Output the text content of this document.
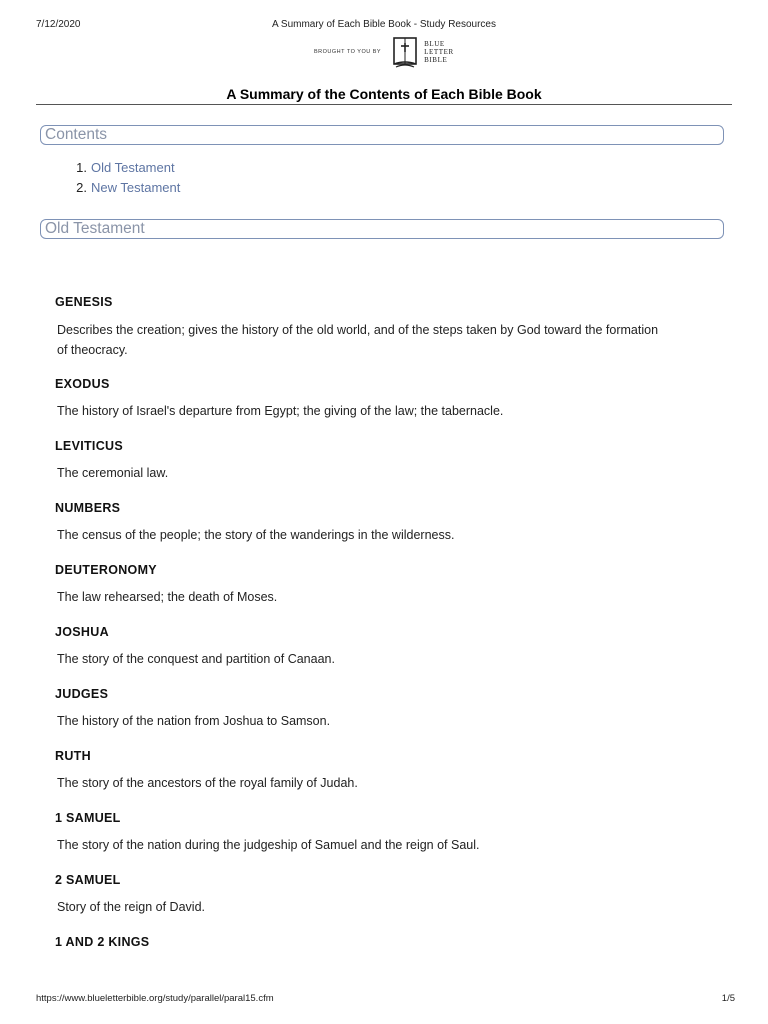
7/12/2020	A Summary of Each Bible Book - Study Resources
BROUGHT TO YOU BY
BLUE
LETTER
BIBLE
A Summary of the Contents of Each Bible Book
Contents
1. Old Testament
2. New Testament
Old Testament
GENESIS
Describes the creation; gives the history of the old world, and of the steps taken by God toward the formation
of theocracy.
EXODUS
The history of Israel's departure from Egypt; the giving of the law; the tabernacle.
LEVITICUS
The ceremonial law.
NUMBERS
The census of the people; the story of the wanderings in the wilderness.
DEUTERONOMY
The law rehearsed; the death of Moses.
JOSHUA
The story of the conquest and partition of Canaan.
JUDGES
The history of the nation from Joshua to Samson.
RUTH
The story of the ancestors of the royal family of Judah.
1 SAMUEL
The story of the nation during the judgeship of Samuel and the reign of Saul.
2 SAMUEL
Story of the reign of David.
1 AND 2 KINGS
https://www.blueletterbible.org/study/parallel/paral15.cfm	1/5
